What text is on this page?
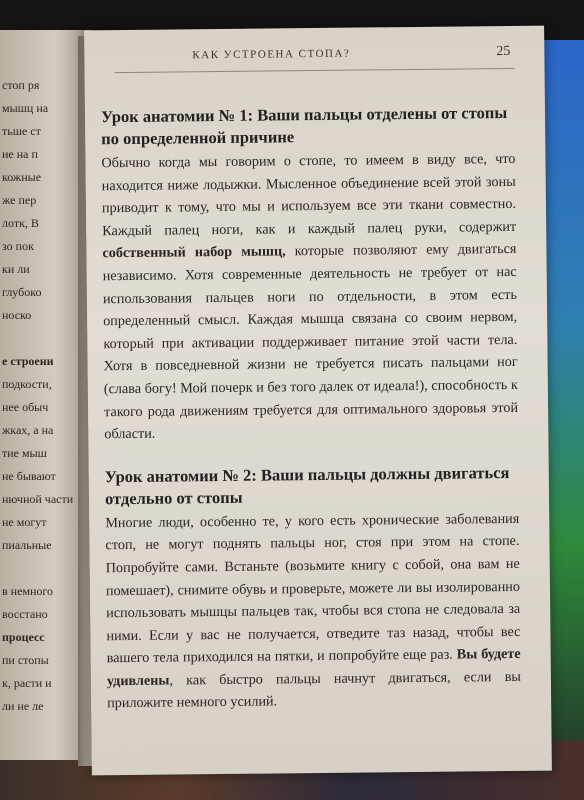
стоп ря
мышц на
тьше ст
ие на п
кожные
же пер
лотк, В
зо пок
ки ли
глубоко
носко
е строени
подкости,
нее обыч
жках, а на
тие мыш
не бывают
нючной части
не могут
пиальные
в немного
восстано
процесс
пи стопы
к, расти и
ли не ле
КАК УСТРОЕНА СТОПА?	25
Урок анатомии № 1: Ваши пальцы отделены от стопы по определенной причине

Обычно когда мы говорим о стопе, то имеем в виду все, что находится ниже лодыжки. Мысленное объединение всей этой зоны приводит к тому, что мы и используем все эти ткани совместно. Каждый палец ноги, как и каждый палец руки, содержит собственный набор мышц, которые позволяют ему двигаться независимо. Хотя современные деятельность не требует от нас использования пальцев ноги по отдельности, в этом есть определенный смысл. Каждая мышца связана со своим нервом, который при активации поддерживает питание этой части тела. Хотя в повседневной жизни не требуется писать пальцами ног (слава богу! Мой почерк и без того далек от идеала!), способность к такого рода движениям требуется для оптимального здоровья этой области.

Урок анатомии № 2: Ваши пальцы должны двигаться отдельно от стопы

Многие люди, особенно те, у кого есть хронические заболевания стоп, не могут поднять пальцы ног, стоя при этом на стопе. Попробуйте сами. Встаньте (возьмите книгу с собой, она вам не помешает), снимите обувь и проверьте, можете ли вы изолированно использовать мышцы пальцев так, чтобы вся стопа не следовала за ними. Если у вас не получается, отведите таз назад, чтобы вес вашего тела приходился на пятки, и попробуйте еще раз. Вы будете удивлены, как быстро пальцы начнут двигаться, если вы приложите немного усилий.
